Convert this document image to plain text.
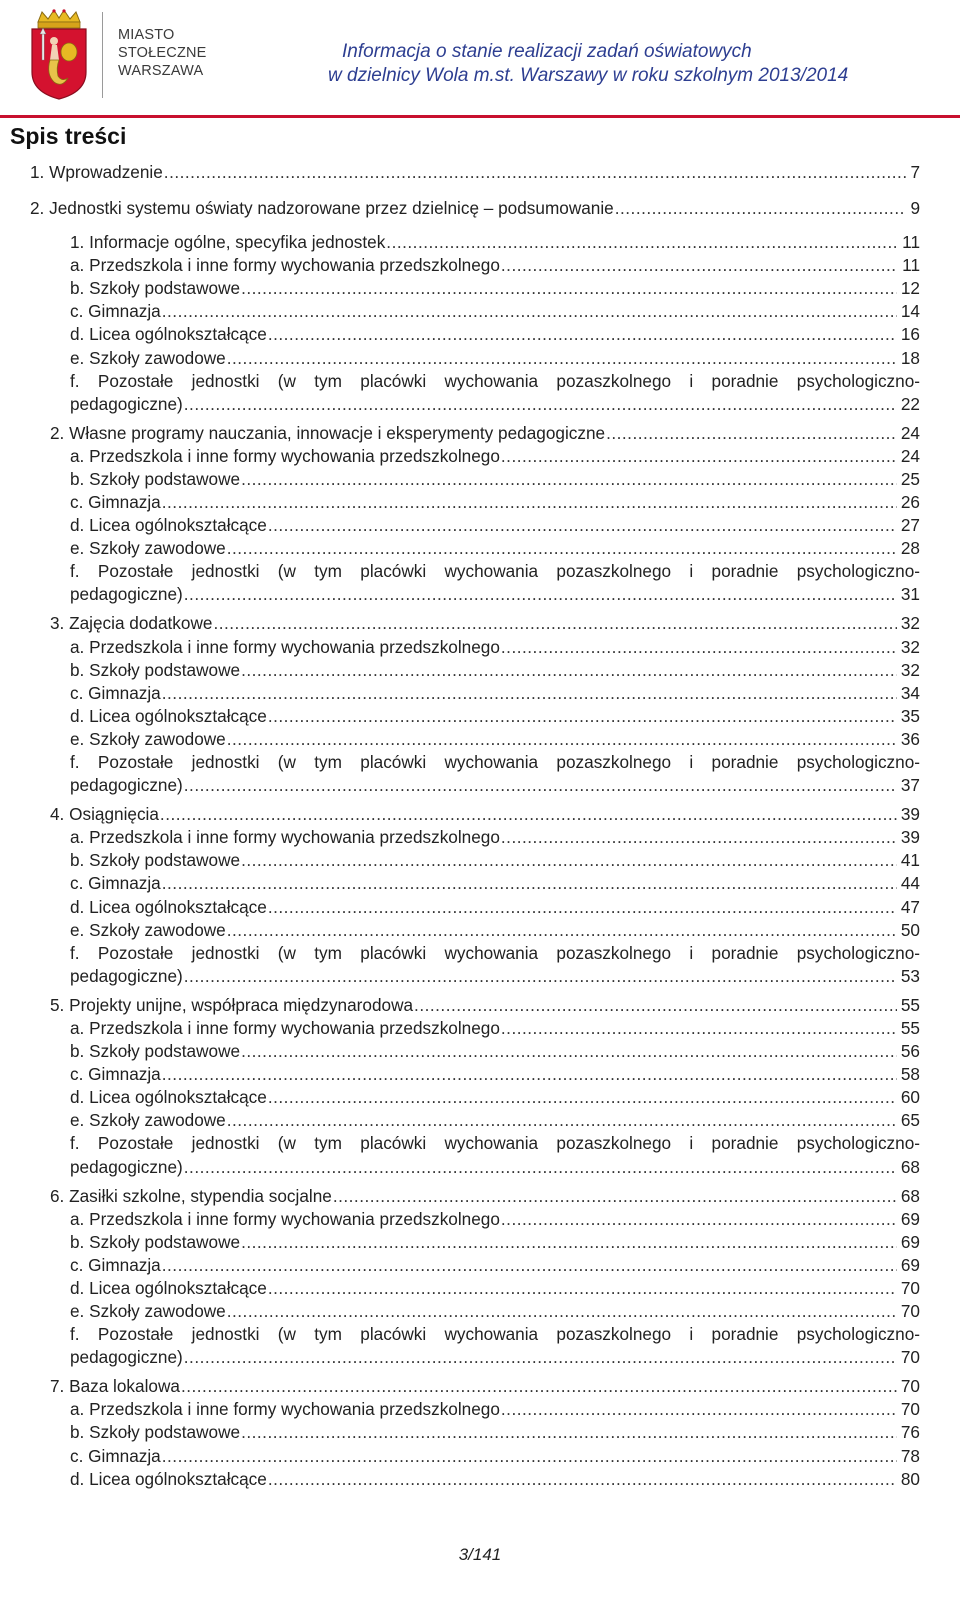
MIASTO
STOŁECZNE
WARSZAWA
Informacja o stanie realizacji zadań oświatowych
w dzielnicy Wola m.st. Warszawy w roku szkolnym 2013/2014
Spis treści
1. Wprowadzenie .....	7
2. Jednostki systemu oświaty nadzorowane przez dzielnicę – podsumowanie .....	9
1. Informacje ogólne, specyfika jednostek .....	11
a. Przedszkola i inne formy wychowania przedszkolnego .....	11
b. Szkoły podstawowe .....	12
c. Gimnazja .....	14
d. Licea ogólnokształcące .....	16
e. Szkoły zawodowe .....	18
f. Pozostałe jednostki (w tym placówki wychowania pozaszkolnego i poradnie psychologiczno-
pedagogiczne) .....	22
2. Własne programy nauczania, innowacje i eksperymenty pedagogiczne .....	24
a. Przedszkola i inne formy wychowania przedszkolnego .....	24
b. Szkoły podstawowe .....	25
c. Gimnazja .....	26
d. Licea ogólnokształcące .....	27
e. Szkoły zawodowe .....	28
f. Pozostałe jednostki (w tym placówki wychowania pozaszkolnego i poradnie psychologiczno-
pedagogiczne) .....	31
3. Zajęcia dodatkowe .....	32
a. Przedszkola i inne formy wychowania przedszkolnego .....	32
b. Szkoły podstawowe .....	32
c. Gimnazja .....	34
d. Licea ogólnokształcące .....	35
e. Szkoły zawodowe .....	36
f. Pozostałe jednostki (w tym placówki wychowania pozaszkolnego i poradnie psychologiczno-
pedagogiczne) .....	37
4. Osiągnięcia .....	39
a. Przedszkola i inne formy wychowania przedszkolnego .....	39
b. Szkoły podstawowe .....	41
c. Gimnazja .....	44
d. Licea ogólnokształcące .....	47
e. Szkoły zawodowe .....	50
f. Pozostałe jednostki (w tym placówki wychowania pozaszkolnego i poradnie psychologiczno-
pedagogiczne) .....	53
5. Projekty unijne, współpraca międzynarodowa .....	55
a. Przedszkola i inne formy wychowania przedszkolnego .....	55
b. Szkoły podstawowe .....	56
c. Gimnazja .....	58
d. Licea ogólnokształcące .....	60
e. Szkoły zawodowe .....	65
f. Pozostałe jednostki (w tym placówki wychowania pozaszkolnego i poradnie psychologiczno-
pedagogiczne) .....	68
6. Zasiłki szkolne, stypendia socjalne .....	68
a. Przedszkola i inne formy wychowania przedszkolnego .....	69
b. Szkoły podstawowe .....	69
c. Gimnazja .....	69
d. Licea ogólnokształcące .....	70
e. Szkoły zawodowe .....	70
f. Pozostałe jednostki (w tym placówki wychowania pozaszkolnego i poradnie psychologiczno-
pedagogiczne) .....	70
7. Baza lokalowa .....	70
a. Przedszkola i inne formy wychowania przedszkolnego .....	70
b. Szkoły podstawowe .....	76
c. Gimnazja .....	78
d. Licea ogólnokształcące .....	80
3/141
